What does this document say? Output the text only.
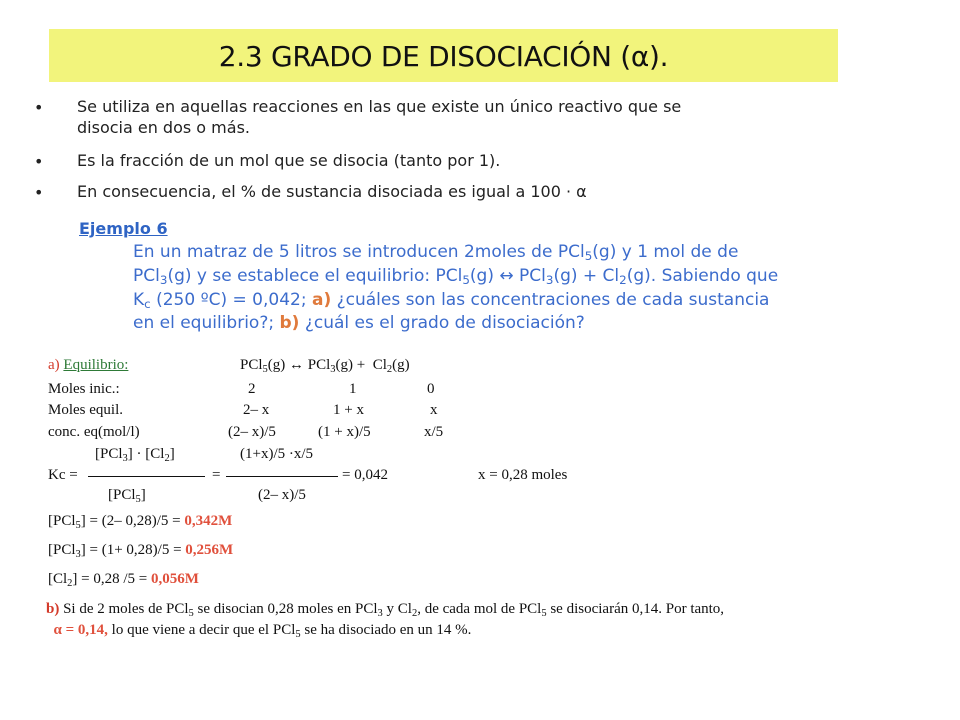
2.3 GRADO DE DISOCIACIÓN (α).
• Se utiliza en aquellas reacciones en las que existe un único reactivo que se
disocia en dos o más.
• Es la fracción de un mol que se disocia (tanto por 1).
• En consecuencia, el % de sustancia disociada es igual a 100 · α
Ejemplo 6
En un matraz de 5 litros se introducen 2moles de PCl$_5$(g) y 1 mol de de
PCl$_3$(g) y se establece el equilibrio: PCl$_5$(g) ↔ $PCl_3(g) + Cl_2(g)$. Sabiendo que
$K_c$ (250 ºC) = 0,042; a) ¿cuáles son las concentraciones de cada sustancia
en el equilibrio?; b) ¿cuál es el grado de disociación?
a) Equilibrio:	PCl$_5$(g) ↔ $PCl_3(g) + Cl_2(g)$
Moles inic.:	2	1	0
Moles equil.	2– x	1 + x	x
conc. eq(mol/l)	(2– x)/5	(1 + x)/5	x/5
$[PCl_3] \cdot [Cl_2]$	(1+x)/5 ·x/5
Kc =	=	= 0,042	x = 0,28 moles
[PCl$_5$]	(2– x)/5
[PCl$_5$] = (2– 0,28)/5 = 0,342M
[PCl$_3$] = (1+ 0,28)/5 = 0,256M
$[Cl_2] = 0,28$ /5 = 0,056M
b) Si de 2 moles de PCl$_5$ se disocian 0,28 moles en PCl$_3$ y $Cl_2$, de cada mol de PCl$_5$ se disociarán 0,14. Por tanto,
α = 0,14, lo que viene a decir que el PCl$_5$ se ha disociado en un 14 %.
